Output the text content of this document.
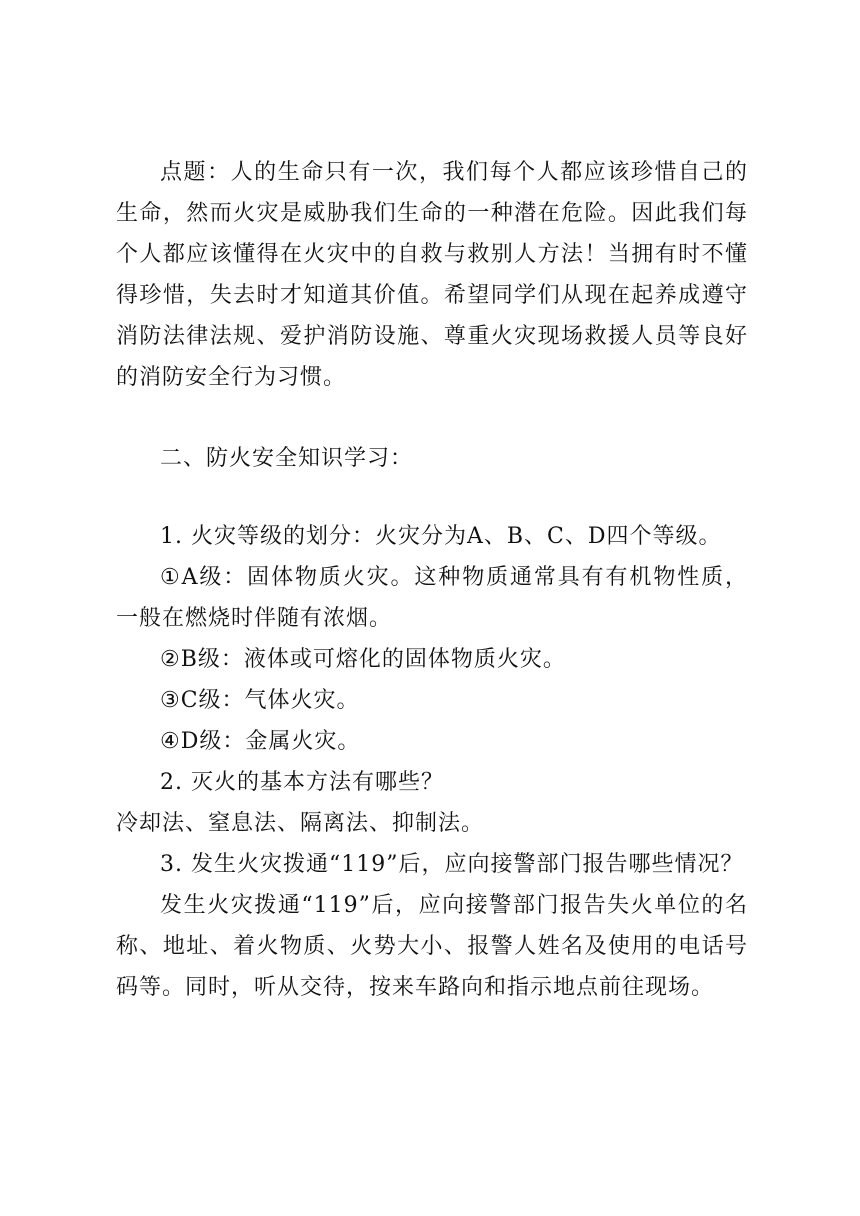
点题：人的生命只有一次，我们每个人都应该珍惜自己的生命，然而火灾是威胁我们生命的一种潜在危险。因此我们每个人都应该懂得在火灾中的自救与救别人方法！当拥有时不懂得珍惜，失去时才知道其价值。希望同学们从现在起养成遵守消防法律法规、爱护消防设施、尊重火灾现场救援人员等良好的消防安全行为习惯。

二、防火安全知识学习：

1. 火灾等级的划分：火灾分为A、B、C、D四个等级。

①A级：固体物质火灾。这种物质通常具有有机物性质，一般在燃烧时伴随有浓烟。

②B级：液体或可熔化的固体物质火灾。

③C级：气体火灾。

④D级：金属火灾。

2. 灭火的基本方法有哪些？

冷却法、窒息法、隔离法、抑制法。

3. 发生火灾拨通“119”后，应向接警部门报告哪些情况？

发生火灾拨通“119”后，应向接警部门报告失火单位的名称、地址、着火物质、火势大小、报警人姓名及使用的电话号码等。同时，听从交待，按来车路向和指示地点前往现场。
